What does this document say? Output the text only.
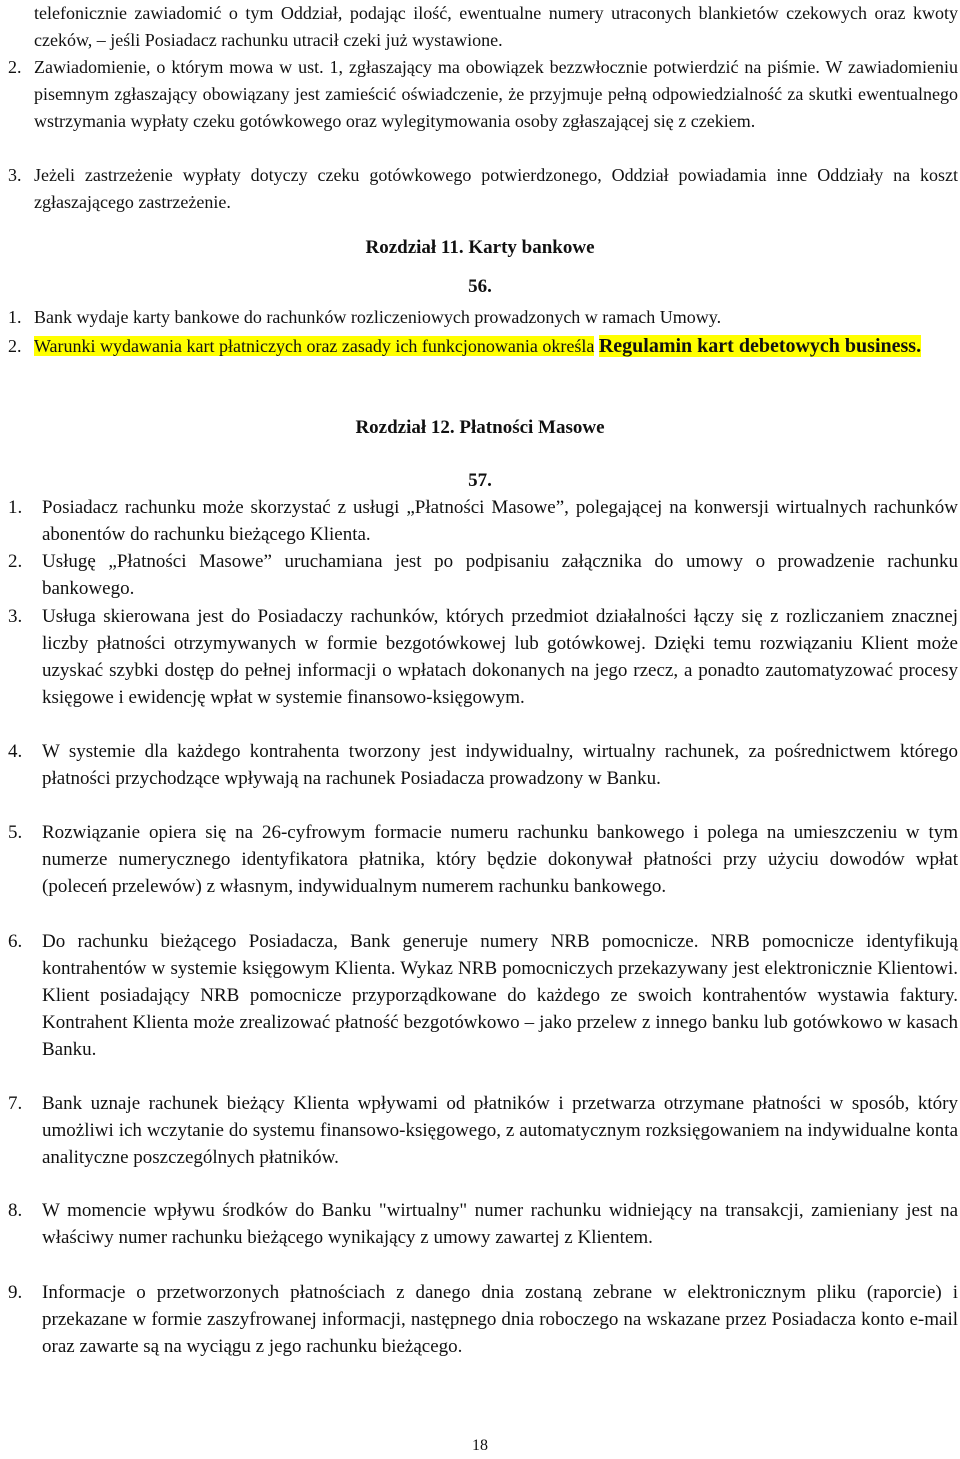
telefonicznie zawiadomić o tym Oddział, podając ilość, ewentualne numery utraconych blankietów czekowych oraz kwoty czeków, – jeśli Posiadacz rachunku utracił czeki już wystawione.
2. Zawiadomienie, o którym mowa w ust. 1, zgłaszający ma obowiązek bezzwłocznie potwierdzić na piśmie. W zawiadomieniu pisemnym zgłaszający obowiązany jest zamieścić oświadczenie, że przyjmuje pełną odpowiedzialność za skutki ewentualnego wstrzymania wypłaty czeku gotówkowego oraz wylegitymowania osoby zgłaszającej się z czekiem.
3. Jeżeli zastrzeżenie wypłaty dotyczy czeku gotówkowego potwierdzonego, Oddział powiadamia inne Oddziały na koszt zgłaszającego zastrzeżenie.
Rozdział 11. Karty bankowe
56.
1. Bank wydaje karty bankowe do rachunków rozliczeniowych prowadzonych w ramach Umowy.
2. Warunki wydawania kart płatniczych oraz zasady ich funkcjonowania określa Regulamin kart debetowych business.
Rozdział 12. Płatności Masowe
57.
1. Posiadacz rachunku może skorzystać z usługi „Płatności Masowe”, polegającej na konwersji wirtualnych rachunków abonentów do rachunku bieżącego Klienta.
2. Usługę „Płatności Masowe” uruchamiana jest po podpisaniu załącznika do umowy o prowadzenie rachunku bankowego.
3. Usługa skierowana jest do Posiadaczy rachunków, których przedmiot działalności łączy się z rozliczaniem znacznej liczby płatności otrzymywanych w formie bezgotówkowej lub gotówkowej. Dzięki temu rozwiązaniu Klient może uzyskać szybki dostęp do pełnej informacji o wpłatach dokonanych na jego rzecz, a ponadto zautomatyzować procesy księgowe i ewidencję wpłat w systemie finansowo-księgowym.
4. W systemie dla każdego kontrahenta tworzony jest indywidualny, wirtualny rachunek, za pośrednictwem którego płatności przychodzące wpływają na rachunek Posiadacza prowadzony w Banku.
5. Rozwiązanie opiera się na 26-cyfrowym formacie numeru rachunku bankowego i polega na umieszczeniu w tym numerze numerycznego identyfikatora płatnika, który będzie dokonywał płatności przy użyciu dowodów wpłat (poleceń przelewów) z własnym, indywidualnym numerem rachunku bankowego.
6. Do rachunku bieżącego Posiadacza, Bank generuje numery NRB pomocnicze. NRB pomocnicze identyfikują kontrahentów w systemie księgowym Klienta. Wykaz NRB pomocniczych przekazywany jest elektronicznie Klientowi. Klient posiadający NRB pomocnicze przyporządkowane do każdego ze swoich kontrahentów wystawia faktury. Kontrahent Klienta może zrealizować płatność bezgotówkowo – jako przelew z innego banku lub gotówkowo w kasach Banku.
7. Bank uznaje rachunek bieżący Klienta wpływami od płatników i przetwarza otrzymane płatności w sposób, który umożliwi ich wczytanie do systemu finansowo-księgowego, z automatycznym rozksięgowaniem na indywidualne konta analityczne poszczególnych płatników.
8. W momencie wpływu środków do Banku "wirtualny" numer rachunku widniejący na transakcji, zamieniany jest na właściwy numer rachunku bieżącego wynikający z umowy zawartej z Klientem.
9. Informacje o przetworzonych płatnościach z danego dnia zostaną zebrane w elektronicznym pliku (raporcie) i przekazane w formie zaszyfrowanej informacji, następnego dnia roboczego na wskazane przez Posiadacza konto e-mail oraz zawarte są na wyciągu z jego rachunku bieżącego.
18
